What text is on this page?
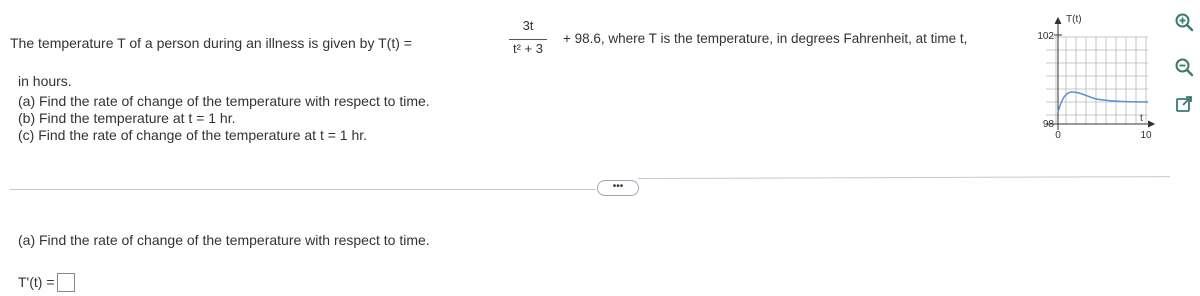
The temperature T of a person during an illness is given by T(t) =
3t
t² + 3
+ 98.6, where T is the temperature, in degrees Fahrenheit, at time t,
in hours.
(a) Find the rate of change of the temperature with respect to time.
(b) Find the temperature at t = 1 hr.
(c) Find the rate of change of the temperature at t = 1 hr.
T(t)
t
102
98
0	10
•••
(a) Find the rate of change of the temperature with respect to time.
T'(t) =
